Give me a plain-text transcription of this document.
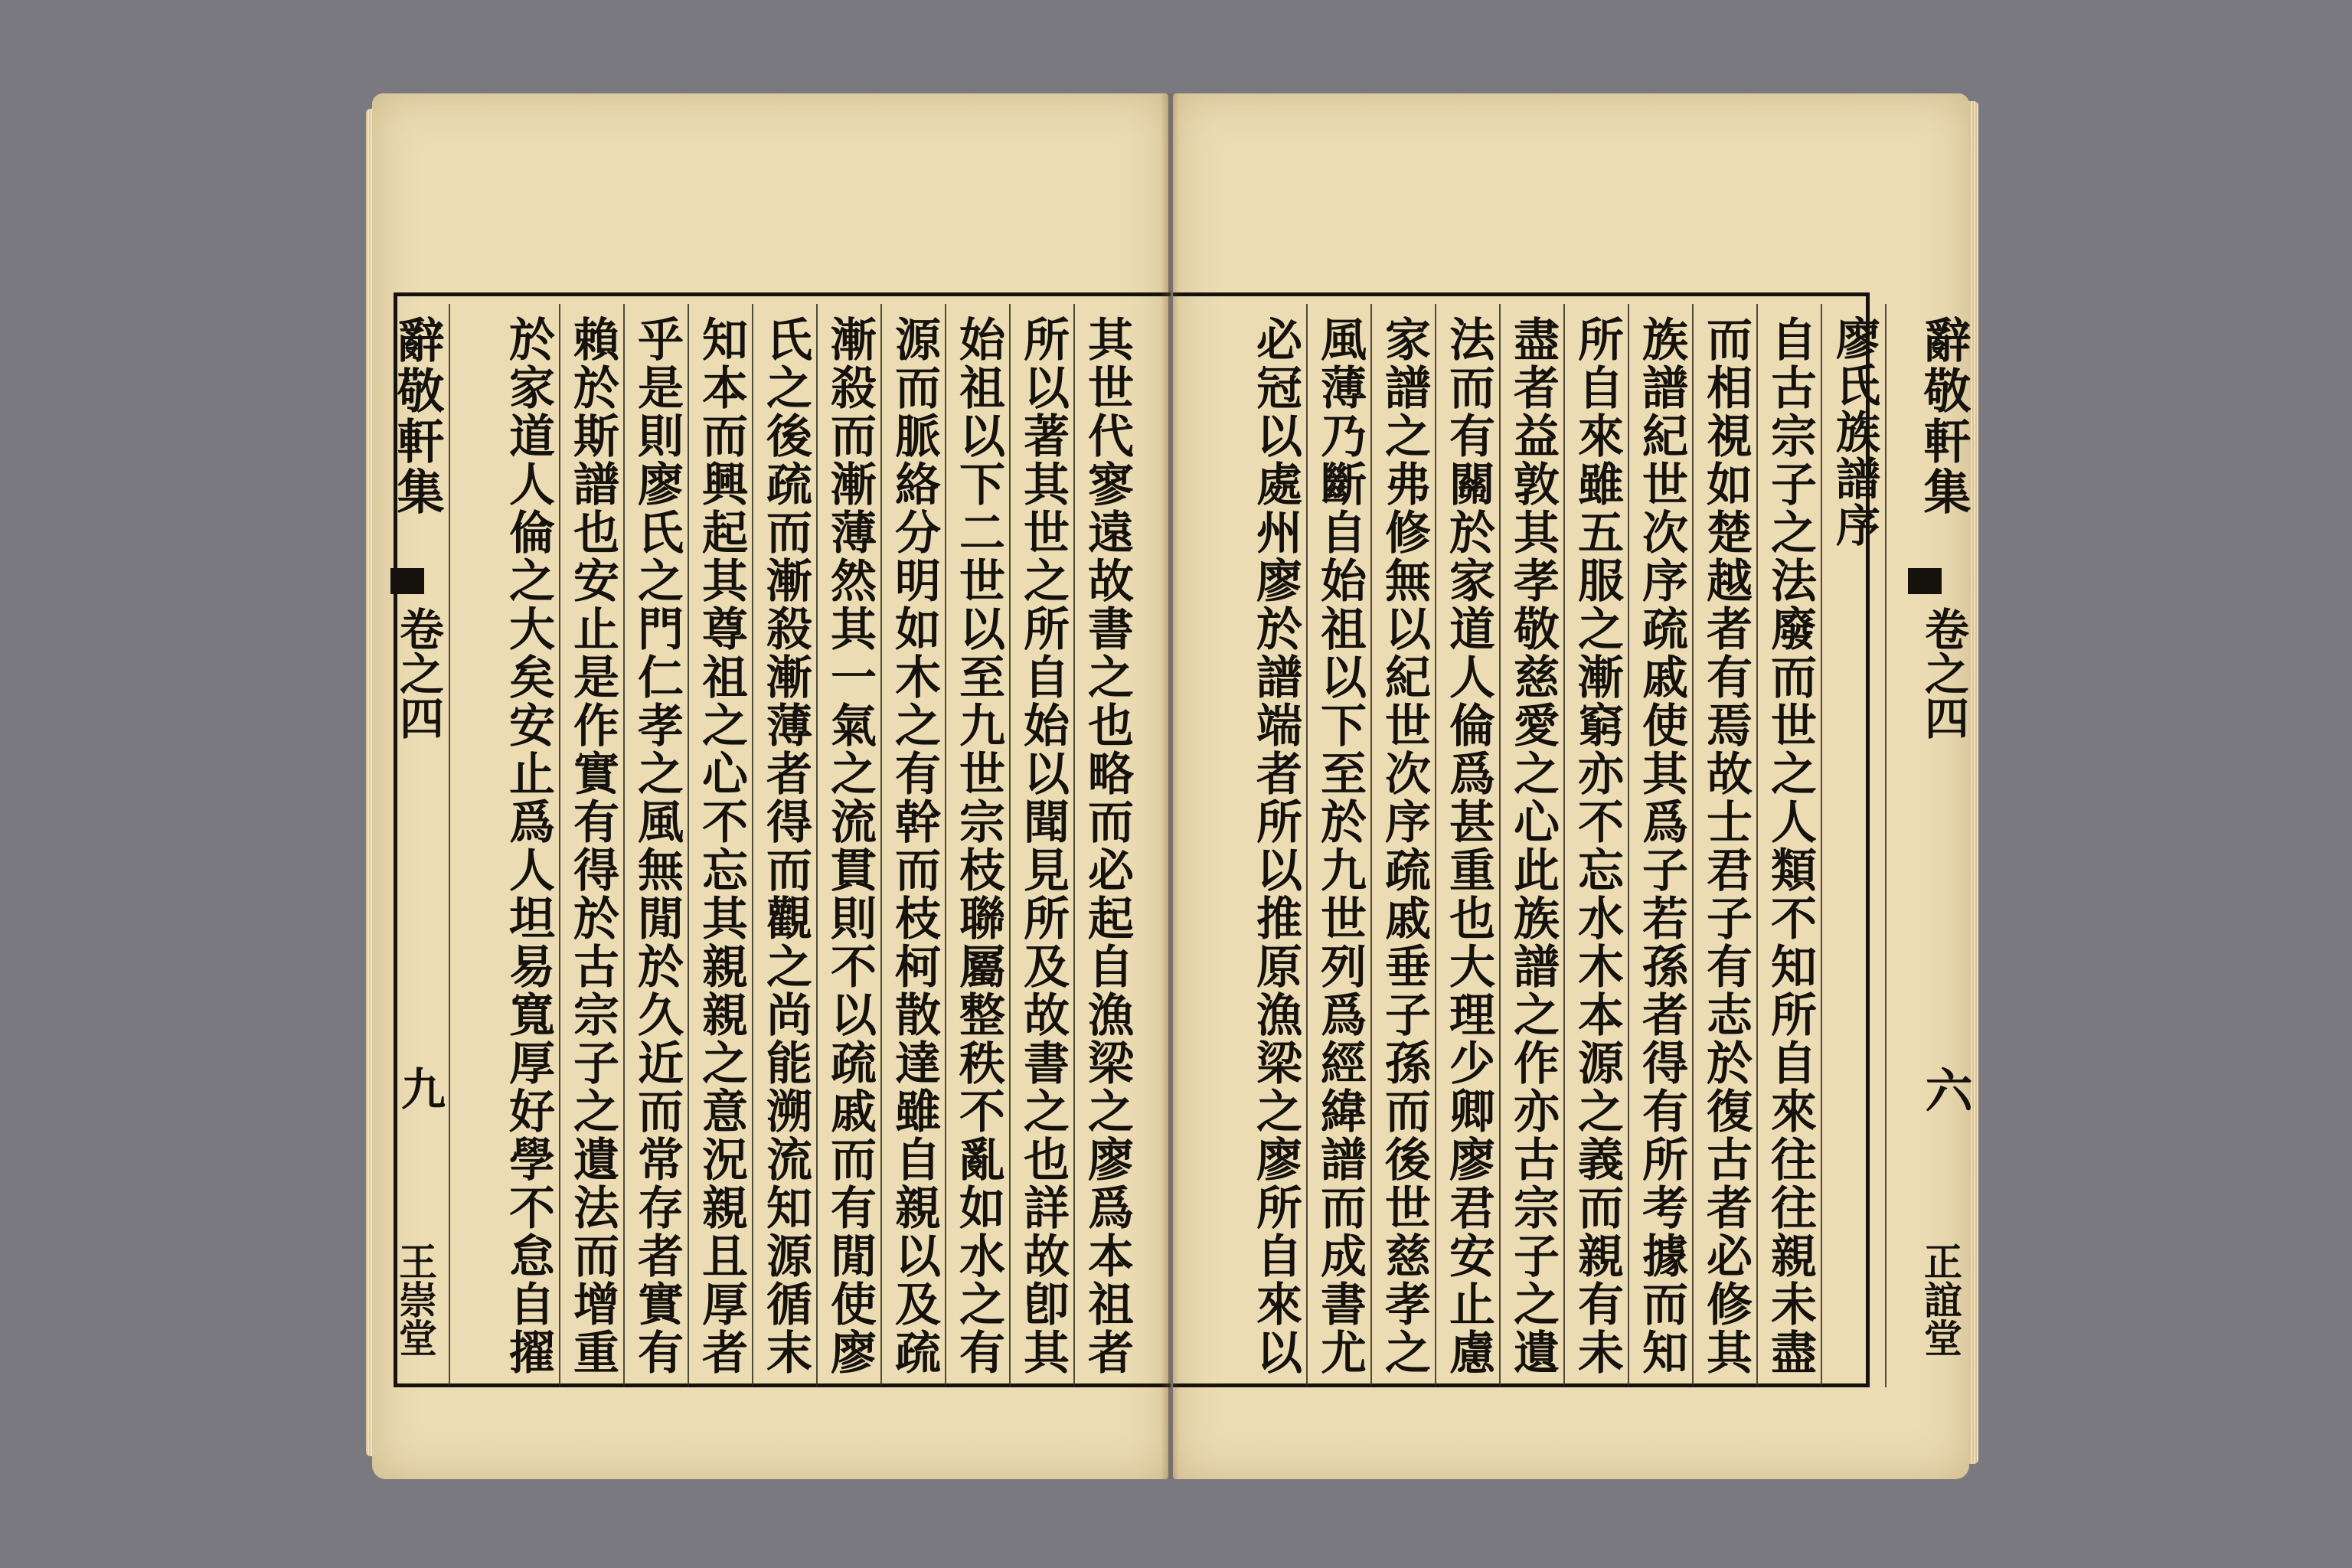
辭敬軒集
卷之四
九
王崇堂	其世代寥遠故書之也略而必起自漁梁之廖爲本祖者
所以著其世之所自始以聞見所及故書之也詳故卽其
始祖以下二世以至九世宗枝聯屬整秩不亂如水之有
源而脈絡分明如木之有幹而枝柯散達雖自親以及疏
漸殺而漸薄然其一氣之流貫則不以疏戚而有閒使廖
氏之後疏而漸殺漸薄者得而觀之尚能溯流知源循末
知本而興起其尊祖之心不忘其親親之意況親且厚者
乎是則廖氏之門仁孝之風無閒於久近而常存者實有
賴於斯譜也安止是作實有得於古宗子之遺法而增重
於家道人倫之大矣安止爲人坦易寬厚好學不怠自擢	廖氏族譜序
自古宗子之法廢而世之人類不知所自來往往親未盡
而相視如楚越者有焉故士君子有志於復古者必修其
族譜紀世次序疏戚使其爲子若孫者得有所考據而知
所自來雖五服之漸窮亦不忘水木本源之義而親有未
盡者益敦其孝敬慈愛之心此族譜之作亦古宗子之遺
法而有關於家道人倫爲甚重也大理少卿廖君安止慮
家譜之弗修無以紀世次序疏戚垂子孫而後世慈孝之
風薄乃斷自始祖以下至於九世列爲經緯譜而成書尤
必冠以處州廖於譜端者所以推原漁梁之廖所自來以	辭敬軒集
卷之四
六
正誼堂
